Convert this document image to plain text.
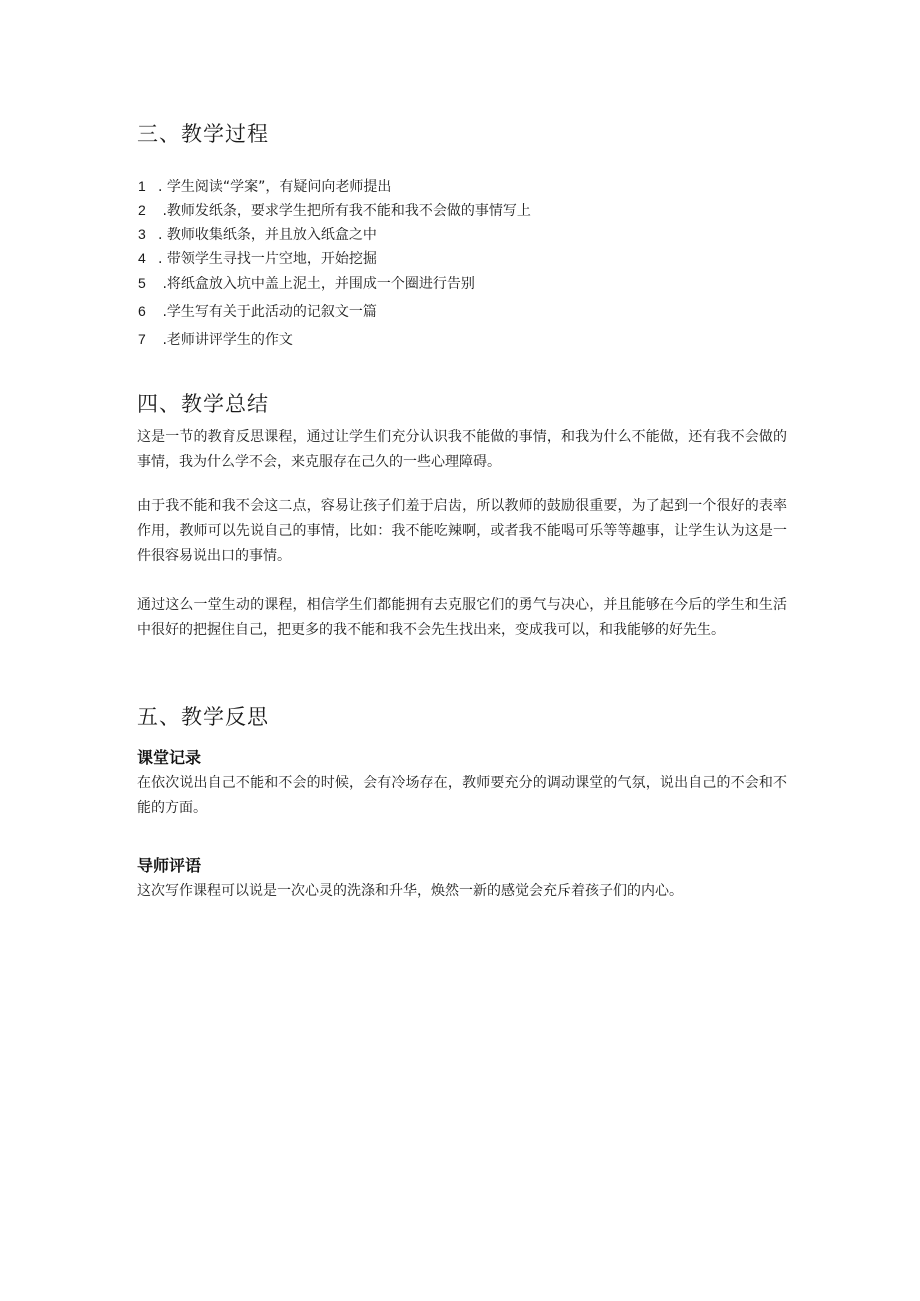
三、教学过程
1 . 学生阅读“学案”，有疑问向老师提出
2 .教师发纸条，要求学生把所有我不能和我不会做的事情写上
3 . 教师收集纸条，并且放入纸盒之中
4 . 带领学生寻找一片空地，开始挖掘
5 .将纸盒放入坑中盖上泥土，并围成一个圈进行告别
6 .学生写有关于此活动的记叙文一篇
7 .老师讲评学生的作文
四、教学总结

这是一节的教育反思课程，通过让学生们充分认识我不能做的事情，和我为什么不能做，还有我不会做的事情，我为什么学不会，来克服存在己久的一些心理障碍。

由于我不能和我不会这二点，容易让孩子们羞于启齿，所以教师的鼓励很重要，为了起到一个很好的表率作用，教师可以先说自己的事情，比如：我不能吃辣啊，或者我不能喝可乐等等趣事，让学生认为这是一件很容易说出口的事情。

通过这么一堂生动的课程，相信学生们都能拥有去克服它们的勇气与决心，并且能够在今后的学生和生活中很好的把握住自己，把更多的我不能和我不会先生找出来，变成我可以，和我能够的好先生。

五、教学反思
课堂记录

在依次说出自己不能和不会的时候，会有冷场存在，教师要充分的调动课堂的气氛，说出自己的不会和不能的方面。

导师评语

这次写作课程可以说是一次心灵的洗涤和升华，焕然一新的感觉会充斥着孩子们的内心。
